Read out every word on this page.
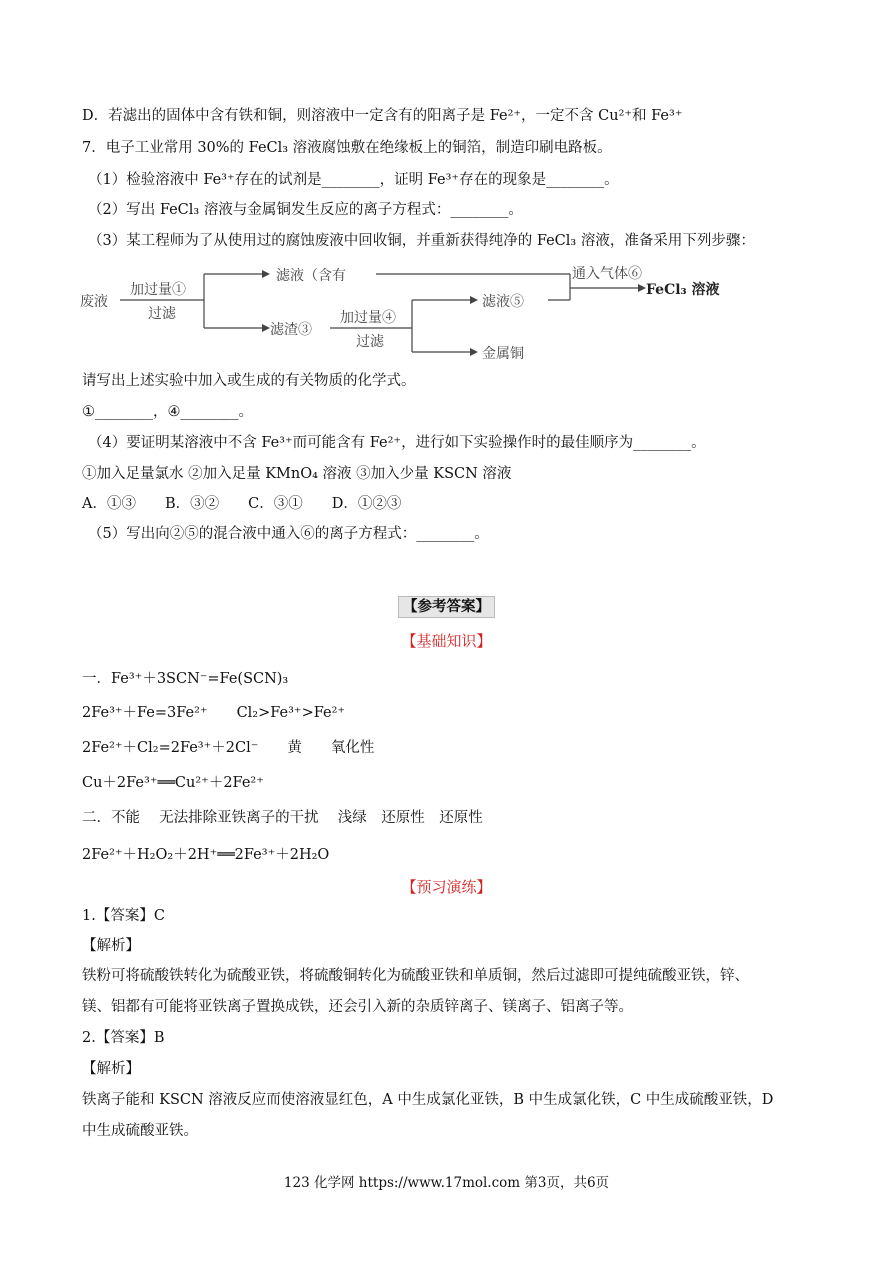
D．若滤出的固体中含有铁和铜，则溶液中一定含有的阳离子是 Fe²⁺，一定不含 Cu²⁺和 Fe³⁺
7．电子工业常用 30%的 FeCl₃ 溶液腐蚀敷在绝缘板上的铜箔，制造印刷电路板。
（1）检验溶液中 Fe³⁺存在的试剂是________，证明 Fe³⁺存在的现象是________。
（2）写出 FeCl₃ 溶液与金属铜发生反应的离子方程式：________。
（3）某工程师为了从使用过的腐蚀废液中回收铜，并重新获得纯净的 FeCl₃ 溶液，准备采用下列步骤：
废液
加过量①
过滤
滤液（含有
滤渣③
加过量④
过滤
滤液⑤
金属铜
通入气体⑥
FeCl₃ 溶液
请写出上述实验中加入或生成的有关物质的化学式。
①________，④________。
（4）要证明某溶液中不含 Fe³⁺而可能含有 Fe²⁺，进行如下实验操作时的最佳顺序为________。
①加入足量氯水 ②加入足量 KMnO₄ 溶液 ③加入少量 KSCN 溶液
A．①③　　B．③②　　C．③①　　D．①②③
（5）写出向②⑤的混合液中通入⑥的离子方程式：________。
【参考答案】
【基础知识】
一．Fe³⁺＋3SCN⁻=Fe(SCN)₃
2Fe³⁺＋Fe=3Fe²⁺　　Cl₂>Fe³⁺>Fe²⁺
2Fe²⁺＋Cl₂=2Fe³⁺＋2Cl⁻　　黄　　氧化性
Cu＋2Fe³⁺══Cu²⁺＋2Fe²⁺
二．不能　 无法排除亚铁离子的干扰　 浅绿　还原性　还原性
2Fe²⁺＋H₂O₂＋2H⁺══2Fe³⁺＋2H₂O
【预习演练】
1.【答案】C
【解析】
铁粉可将硫酸铁转化为硫酸亚铁，将硫酸铜转化为硫酸亚铁和单质铜，然后过滤即可提纯硫酸亚铁，锌、
镁、铝都有可能将亚铁离子置换成铁，还会引入新的杂质锌离子、镁离子、铝离子等。
2.【答案】B
【解析】
铁离子能和 KSCN 溶液反应而使溶液显红色，A 中生成氯化亚铁，B 中生成氯化铁，C 中生成硫酸亚铁，D
中生成硫酸亚铁。
123 化学网 https://www.17mol.com 第3页，共6页
